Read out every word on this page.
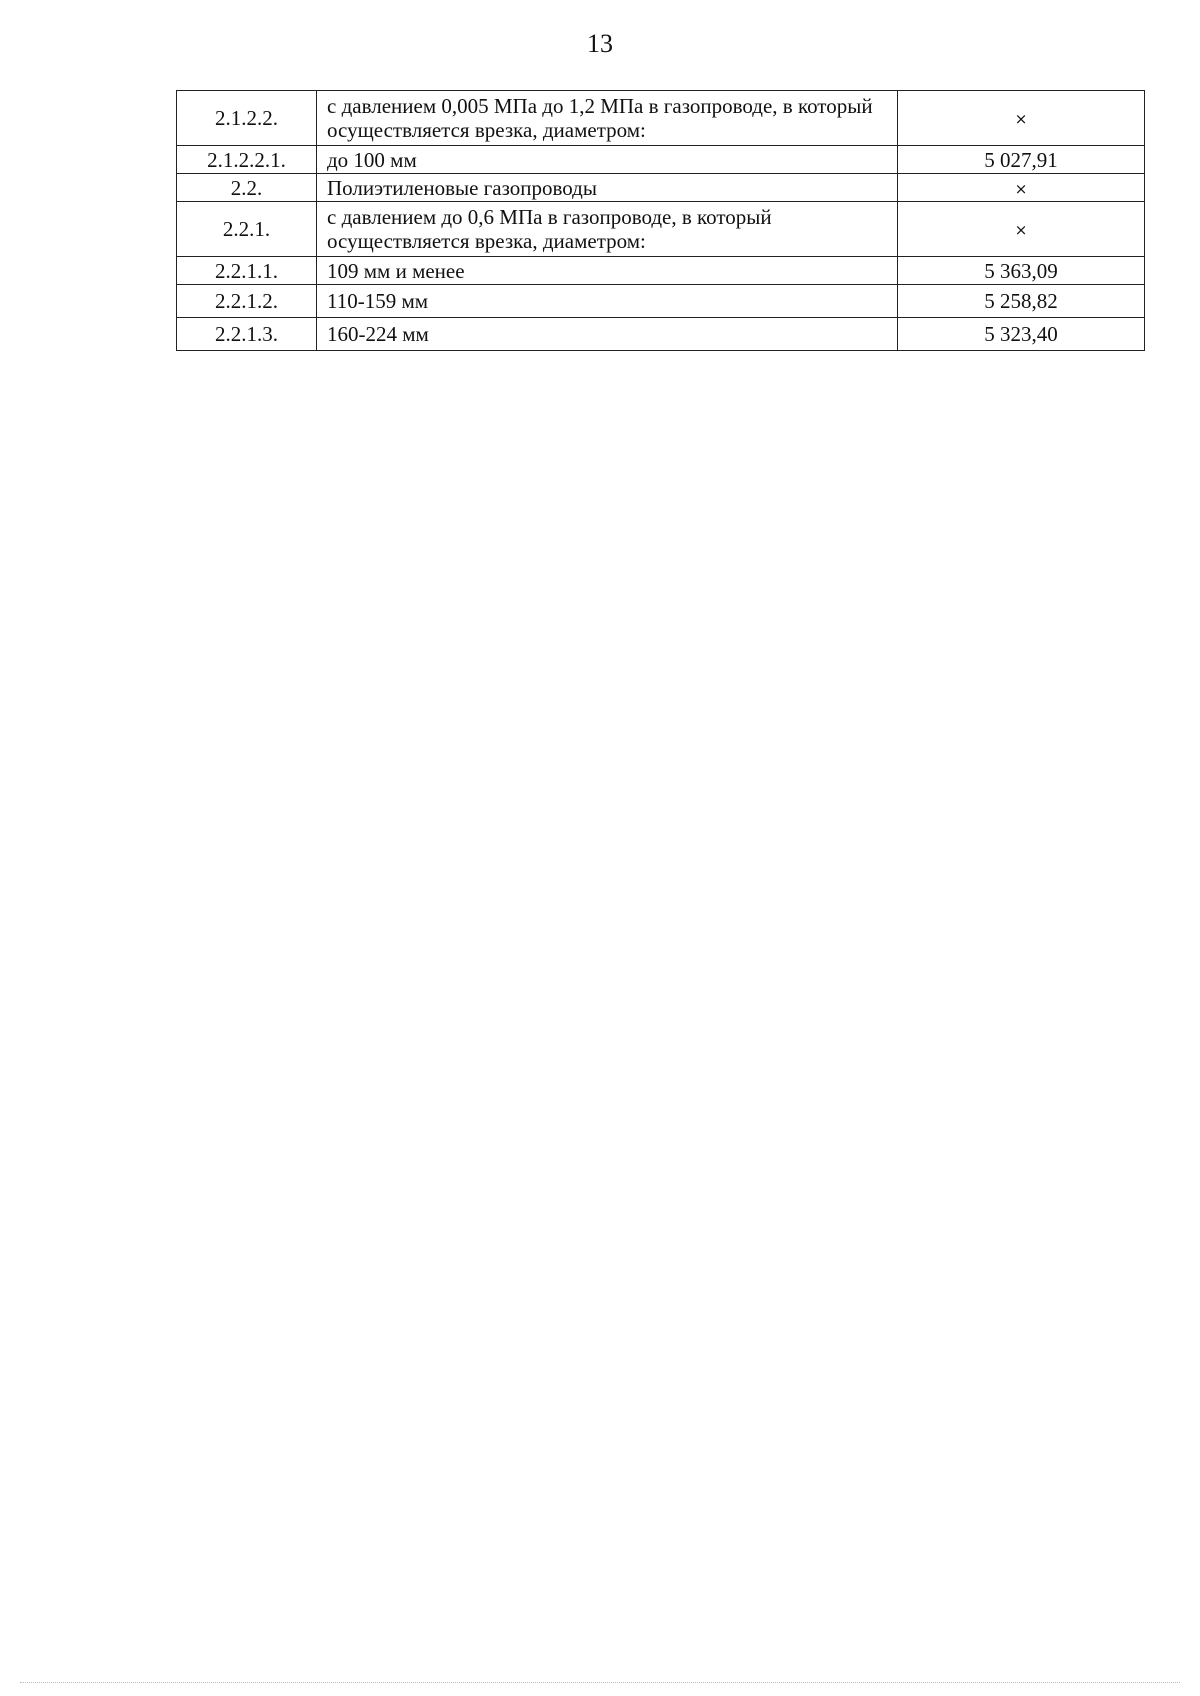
13
2.1.2.2.	с давлением 0,005 МПа до 1,2 МПа в газопроводе, в который осуществляется врезка, диаметром:	×
2.1.2.2.1.	до 100 мм	5 027,91
2.2.	Полиэтиленовые газопроводы	×
2.2.1.	с давлением до 0,6 МПа в газопроводе, в который осуществляется врезка, диаметром:	×
2.2.1.1.	109 мм и менее	5 363,09
2.2.1.2.	110-159 мм	5 258,82
2.2.1.3.	160-224 мм	5 323,40
